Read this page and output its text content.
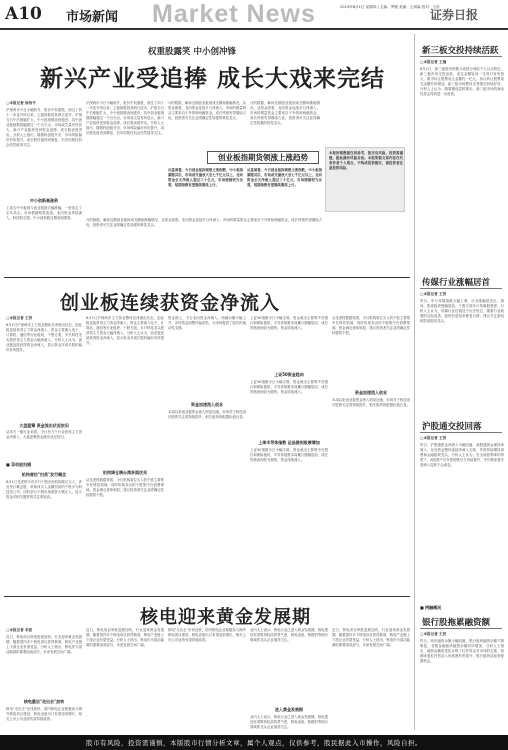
A10 市场新闻 Market News	2019年8月1日 星期四 | 主编：罗刚 美编：王润森 校对：王洪
证券日报
权重股露笑 中小创冲锋
新兴产业受追捧 成长大戏来完结
□本报记者 徐伟平
沪深两市今日小幅收升，报价中权重股，面过了四十一市连升所以来，主板指数因其两日逆市，沪指当日午后涨幅扩大，中小创指数表现强劲，其中创业板指数涨幅超过一个百分点，市场成交量有所放大，新兴产业板块受到资金追捧，成长股表现突出。分析人士指出，随着科创板开市，市场风险偏好有所提升，成长股估值得到修复，后市结构性机会仍然值得关注。
中小创新高涨资
上周五中小板指与创业板指大幅涨幅，一度冲击了去年高点，市场情绪明显改善，北向资金持续流入，科技股走强，中小创指数近期表现强势。
沪深两市今日小幅收升，报价中权重股，面过了四十一市连升所以来，主板指数因其两日逆市，沪指当日午后涨幅扩大，中小创指数表现强劲，其中创业板指数涨幅超过一个百分点，市场成交量有所放大，新兴产业板块受到资金追捧，成长股表现突出。分析人士指出，随着科创板开市，市场风险偏好有所提升，成长股估值得到修复，后市结构性机会仍然值得关注。
月的数据，解读近期创业板指成交额和涨幅情况，从资金面看，北向资金连续多日净流入，市场的增量资金主要来自于外资和两融资金，成长风格有望继续占优，投资者可关注业绩确定性较强的科技龙头。
月的数据，解读近期创业板指成交额和涨幅情况，从资金面看，北向资金连续多日净流入，市场的增量资金主要来自于外资和两融资金，成长风格有望继续占优，投资者可关注业绩确定性较强的科技龙头。
创业板指期货领涨上涨趋势
从盘面看，今日创业板指领涨主要指数，中小板指紧随其后，市场成交量放大至七千亿元以上，北向资金全天净流入超过三十亿元，市场情绪较为乐观，短期指数有望继续震荡上行。
从盘面看，今日创业板指领涨主要指数，中小板指紧随其后，市场成交量放大至七千亿元以上，北向资金全天净流入超过三十亿元，市场情绪较为乐观，短期指数有望继续震荡上行。
月的数据，解读近期创业板指成交额和涨幅情况，从资金面看，北向资金连续多日净流入，市场的增量资金主要来自于外资和两融资金，成长风格有望继续占优，投资者可关注业绩确定性较强的科技龙头。
本报所载数据仅供参考，股市有风险，投资需谨慎，据此操作风险自担。本报所载文章内容仅代表作者个人观点，不构成投资建议，请投资者注意投资风险。
新三板交投持续活跃
□本报记者 王瑞
8月1日，新三板做市指数与成指分别收于七百点附近，新三板市场交投活跃，成交金额较前一交易日有所放大，做市转让股票成交金额约一亿元，协议转让股票成交金额有所增加，新三板市场整体交易情况持续好转，分析人士认为，随着精选层的推出，新三板市场的流动性将会得到进一步改善。
传媒行业涨幅居首
□本报记者 王洪
昨日，申万传媒指数大幅上涨，行业涨幅居首位，游戏、影视板块涨幅居前，个股方面多只传媒股涨停，分析人士认为，传媒行业估值处于历史低位，随着行业政策的边际改善，板块有望迎来修复行情，建议关注游戏和影视院线龙头。
沪股通交投回落
□本报记者 王洪
昨日，沪股通资金净流入小幅回落，深股通资金保持净流入，北向资金整体延续净流入态势，外资持续增持消费和金融板块龙头，分析人士认为，在全球低利率的背景下，A股资产对外资的吸引力持续提升，中长期来看外资流入趋势不会改变。
■ 两融概况
银行股拖累融资额
□本报记者 王洪
昨日，两市融资余额小幅回落，银行板块融资余额下降明显，非银金融板块融资余额有所增加，分析人士指出，融资余额的变化反映了杠杆资金对市场的态度，短期来看杠杆资金入场意愿有所提升，银行板块或迎来配置机会。
创业板连续获资金净流入
□本报记者 王洪
8月1日沪深两市主力资金整体呈净流出状态，创业板连续获得主力资金净流入，资金主要流入电子、计算机、通信等行业板块，个股方面，多只科技龙头股获得主力资金大幅净流入，分析人士认为，创业板连续获得资金净流入，显示资金对成长股的偏好有所提升。
大盘蓝筹 资金流出状况依旧
从申万一级行业来看，今日有九个行业获得主力资金净流入，大盘蓝筹资金流出状况依旧。
■ 异动股扫描
机构席位"扫货"发行概念
8月1日龙虎榜中有多只个股出现机构席位买入，涉及发行概念股，机构净买入金额居前的个股多为科技类公司，同时部分个股出现游资大额买入，显示资金对相关题材的关注度较高。
8月1日沪深两市主力资金整体呈净流出状态，创业板连续获得主力资金净流入，资金主要流入电子、计算机、通信等行业板块，个股方面，多只科技龙头股获得主力资金大幅净流入，分析人士认为，创业板连续获得资金净流入，显示资金对成长股的偏好有所提升。
机构调仓满台湾多面次买
从龙虎榜数据来看，今日机构席位买入的个股主要集中在科技领域，同时机构卖出的个股集中在消费领域，资金调仓迹象明显，建议投资者关注业绩确定性较强的个股。
资金面上，今日北向资金净流入，两融余额小幅上升，市场资金面整体偏宽松，为市场提供了较好的流动性支撑。
资金加速流入创业
本周以来创业板资金流入明显加速，市场对于科技成长股的关注度持续提升，相关板块的配置价值凸显。
上证50指数今日小幅走弱，资金流出主要集中在银行和保险板块，半导体指数本周累计涨幅居前，成长风格表现较为强势，资金持续流入。
上证50资金趋向
上证50指数今日小幅走弱，资金流出主要集中在银行和保险板块，半导体指数本周累计涨幅居前，成长风格表现较为强势，资金持续流入。
上周半导体指数 运品做到股票增加
上证50指数今日小幅走弱，资金流出主要集中在银行和保险板块，半导体指数本周累计涨幅居前，成长风格表现较为强势，资金持续流入。
从龙虎榜数据来看，今日机构席位买入的个股主要集中在科技领域，同时机构卖出的个股集中在消费领域，资金调仓迹象明显，建议投资者关注业绩确定性较强的个股。
资金加速流入创业
本周以来创业板资金流入明显加速，市场对于科技成长股的关注度持续提升，相关板块的配置价值凸显。
核电迎来黄金发展期
□本报记者 李波
近日，核电项目审批进展加快，行业迎来黄金发展期，随着国内多个核电项目获得核准，核电产业链上下游企业有望受益，分析人士指出，核电作为清洁能源的重要组成部分，未来发展空间广阔。
核电重启"走出去"加快
核电"走出去"步伐加快，国内核电企业积极参与海外核电项目建设，核电设备出口有望迎来增长，相关上市公司业绩有望持续改善。
近日，核电项目审批进展加快，行业迎来黄金发展期，随着国内多个核电项目获得核准，核电产业链上下游企业有望受益，分析人士指出，核电作为清洁能源的重要组成部分，未来发展空间广阔。
核电"走出去"步伐加快，国内核电企业积极参与海外核电项目建设，核电设备出口有望迎来增长，相关上市公司业绩有望持续改善。
业内人士表示，核电行业已进入黄金发展期，核电建设有望维持较高的景气度，核电设备、核燃料等细分领域的龙头企业值得关注。
进入黄金发展期
业内人士表示，核电行业已进入黄金发展期，核电建设有望维持较高的景气度，核电设备、核燃料等细分领域的龙头企业值得关注。
近日，核电项目审批进展加快，行业迎来黄金发展期，随着国内多个核电项目获得核准，核电产业链上下游企业有望受益，分析人士指出，核电作为清洁能源的重要组成部分，未来发展空间广阔。
股市有风险，投资需谨慎，本版股市行情分析文章，属个人观点，仅供参考，股民据此入市操作，风险自担。
